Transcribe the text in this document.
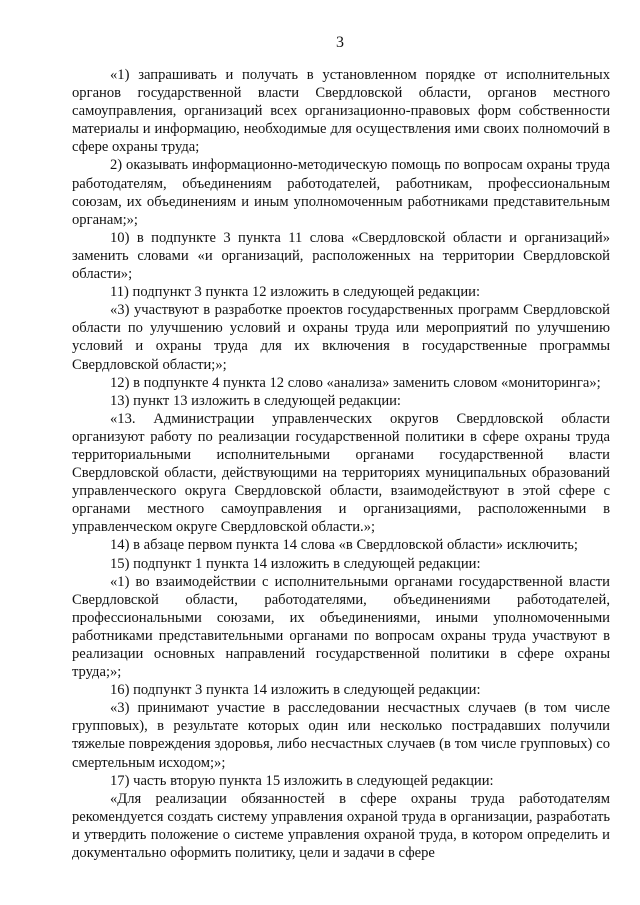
3

«1) запрашивать и получать в установленном порядке от исполнительных органов государственной власти Свердловской области, органов местного самоуправления, организаций всех организационно-правовых форм собственности материалы и информацию, необходимые для осуществления ими своих полномочий в сфере охраны труда;

2) оказывать информационно-методическую помощь по вопросам охраны труда работодателям, объединениям работодателей, работникам, профессиональным союзам, их объединениям и иным уполномоченным работниками представительным органам;»;

10) в подпункте 3 пункта 11 слова «Свердловской области и организаций» заменить словами «и организаций, расположенных на территории Свердловской области»;

11) подпункт 3 пункта 12 изложить в следующей редакции:

«3) участвуют в разработке проектов государственных программ Свердловской области по улучшению условий и охраны труда или мероприятий по улучшению условий и охраны труда для их включения в государственные программы Свердловской области;»;

12) в подпункте 4 пункта 12 слово «анализа» заменить словом «мониторинга»;

13) пункт 13 изложить в следующей редакции:

«13. Администрации управленческих округов Свердловской области организуют работу по реализации государственной политики в сфере охраны труда территориальными исполнительными органами государственной власти Свердловской области, действующими на территориях муниципальных образований управленческого округа Свердловской области, взаимодействуют в этой сфере с органами местного самоуправления и организациями, расположенными в управленческом округе Свердловской области.»;

14) в абзаце первом пункта 14 слова «в Свердловской области» исключить;

15) подпункт 1 пункта 14 изложить в следующей редакции:

«1) во взаимодействии с исполнительными органами государственной власти Свердловской области, работодателями, объединениями работодателей, профессиональными союзами, их объединениями, иными уполномоченными работниками представительными органами по вопросам охраны труда участвуют в реализации основных направлений государственной политики в сфере охраны труда;»;

16) подпункт 3 пункта 14 изложить в следующей редакции:

«3) принимают участие в расследовании несчастных случаев (в том числе групповых), в результате которых один или несколько пострадавших получили тяжелые повреждения здоровья, либо несчастных случаев (в том числе групповых) со смертельным исходом;»;

17) часть вторую пункта 15 изложить в следующей редакции:

«Для реализации обязанностей в сфере охраны труда работодателям рекомендуется создать систему управления охраной труда в организации, разработать и утвердить положение о системе управления охраной труда, в котором определить и документально оформить политику, цели и задачи в сфере
